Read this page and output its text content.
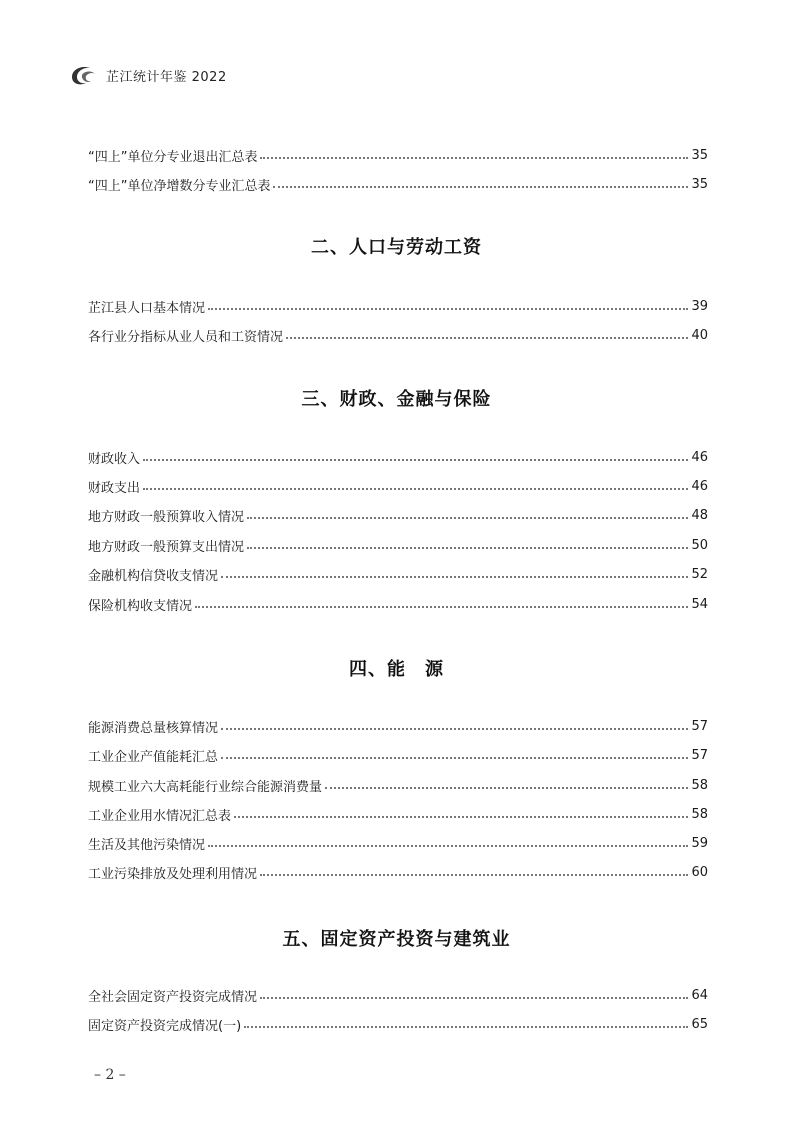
芷江统计年鉴 2022
“四上”单位分专业退出汇总表	35
“四上”单位净增数分专业汇总表	35
二、人口与劳动工资
芷江县人口基本情况	39
各行业分指标从业人员和工资情况	40
三、财政、金融与保险
财政收入	46
财政支出	46
地方财政一般预算收入情况	48
地方财政一般预算支出情况	50
金融机构信贷收支情况	52
保险机构收支情况	54
四、能　源
能源消费总量核算情况	57
工业企业产值能耗汇总	57
规模工业六大高耗能行业综合能源消费量	58
工业企业用水情况汇总表	58
生活及其他污染情况	59
工业污染排放及处理利用情况	60
五、固定资产投资与建筑业
全社会固定资产投资完成情况	64
固定资产投资完成情况(一)	65
– 2 –
